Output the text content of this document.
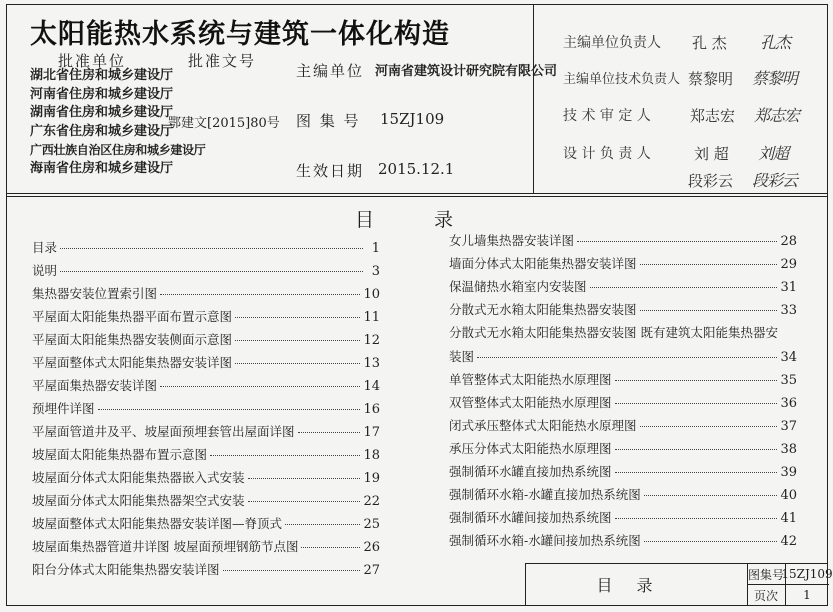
太阳能热水系统与建筑一体化构造
批准单位	批准文号
湖北省住房和城乡建设厅
河南省住房和城乡建设厅
湖南省住房和城乡建设厅
广东省住房和城乡建设厅
广西壮族自治区住房和城乡建设厅
海南省住房和城乡建设厅
鄂建文[2015]80号
主编单位 河南省建筑设计研究院有限公司
图 集 号 15ZJ109
生效日期 2015.12.1
主编单位负责人 孔 杰 孔杰
主编单位技术负责人 蔡黎明 蔡黎明
技 术 审 定 人	郑志宏 郑志宏
设 计 负 责 人	刘 超 刘超
段彩云 段彩云
目录
目录	1
说明	3
集热器安装位置索引图	10
平屋面太阳能集热器平面布置示意图	11
平屋面太阳能集热器安装侧面示意图	12
平屋面整体式太阳能集热器安装详图	13
平屋面集热器安装详图	14
预埋件详图	16
平屋面管道井及平、坡屋面预埋套管出屋面详图	17
坡屋面太阳能集热器布置示意图	18
坡屋面分体式太阳能集热器嵌入式安装	19
坡屋面分体式太阳能集热器架空式安装	22
坡屋面整体式太阳能集热器安装详图—脊顶式	25
坡屋面集热器管道井详图 坡屋面预埋钢筋节点图	26
阳台分体式太阳能集热器安装详图	27
女儿墙集热器安装详图	28
墙面分体式太阳能集热器安装详图	29
保温储热水箱室内安装图	31
分散式无水箱太阳能集热器安装图	33
分散式无水箱太阳能集热器安装图 既有建筑太阳能集热器安
装图	34
单管整体式太阳能热水原理图	35
双管整体式太阳能热水原理图	36
闭式承压整体式太阳能热水原理图	37
承压分体式太阳能热水原理图	38
强制循环水罐直接加热系统图	39
强制循环水箱-水罐直接加热系统图	40
强制循环水罐间接加热系统图	41
强制循环水箱-水罐间接加热系统图	42
目录
图集号
15ZJ109
页次	1
